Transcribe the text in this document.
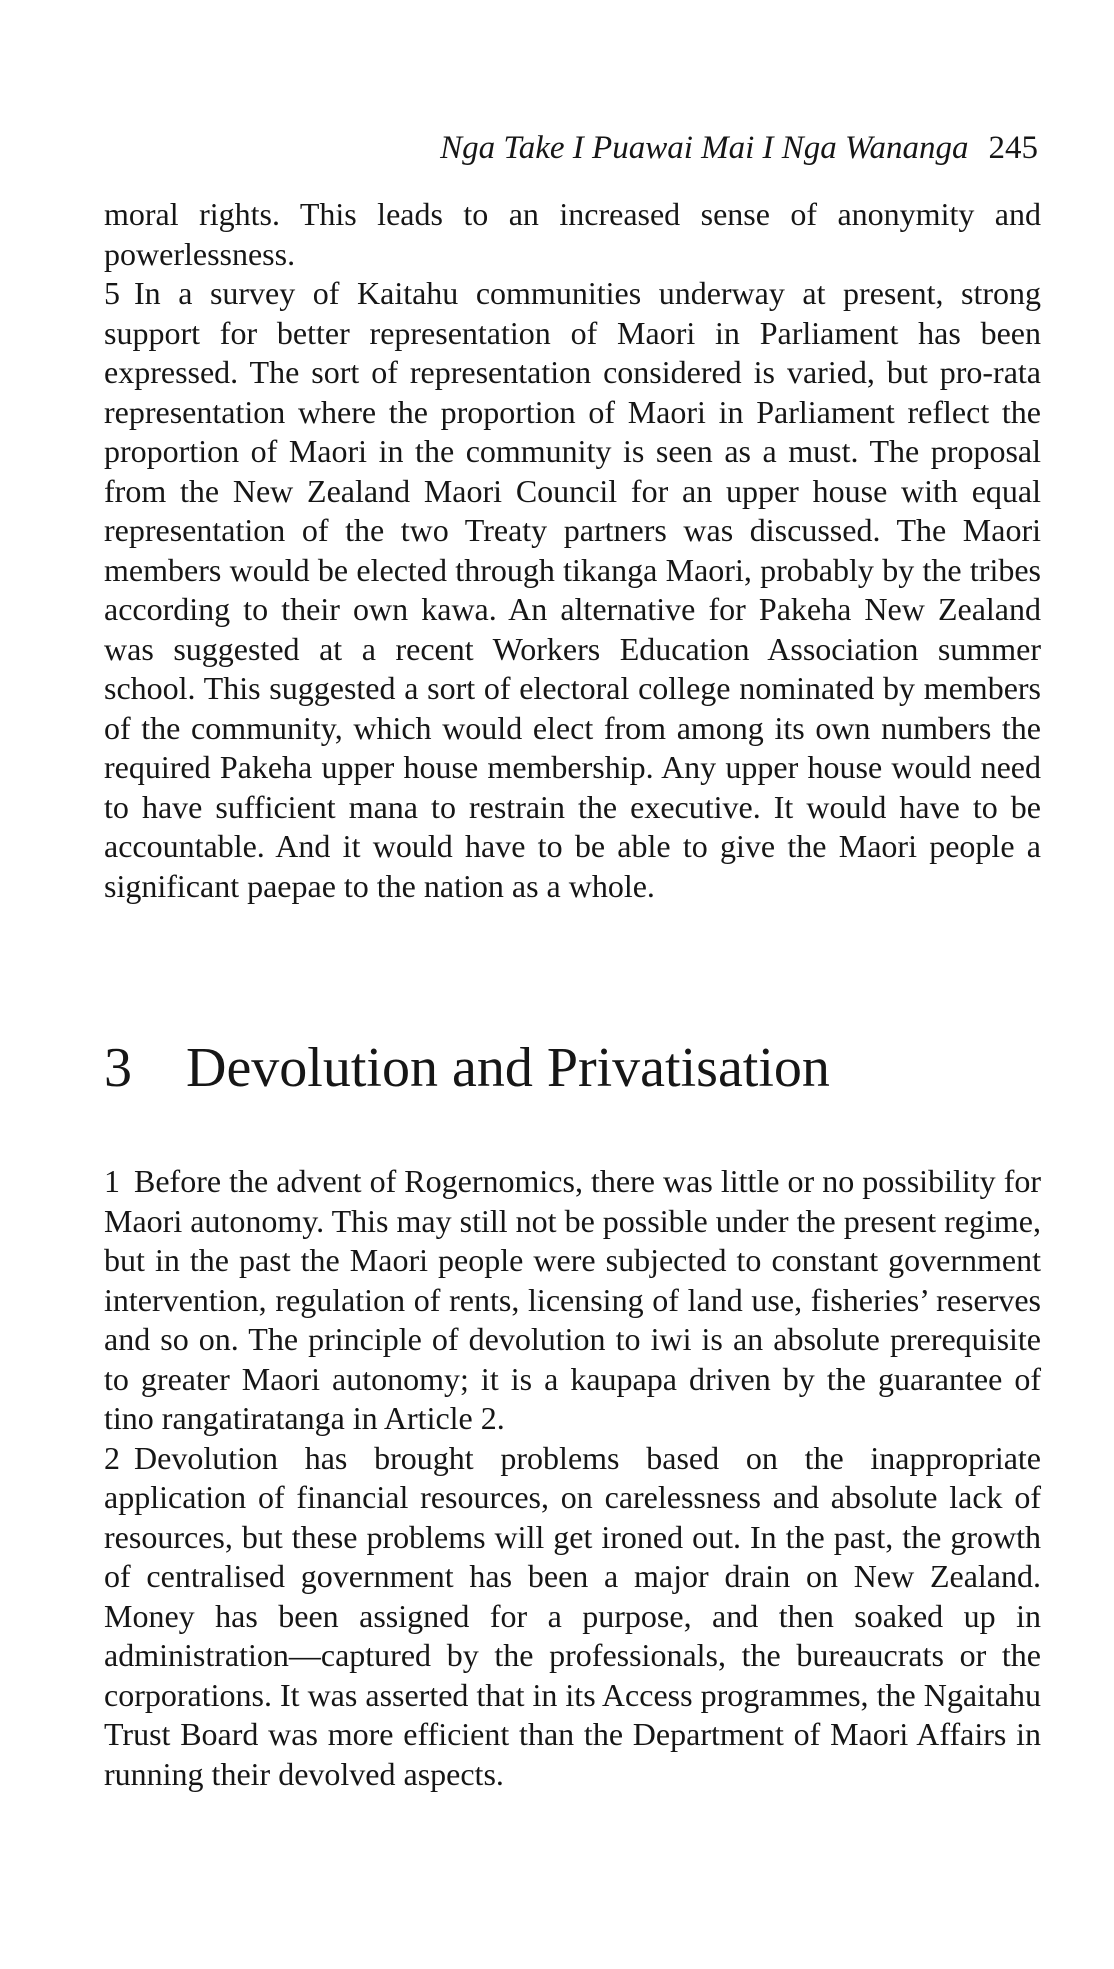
Nga Take I Puawai Mai I Nga Wananga 245

moral rights. This leads to an increased sense of anonymity and powerlessness.

5 In a survey of Kaitahu communities underway at present, strong support for better representation of Maori in Parliament has been expressed. The sort of representation considered is varied, but pro-rata representation where the proportion of Maori in Parliament reflect the proportion of Maori in the community is seen as a must. The proposal from the New Zealand Maori Council for an upper house with equal representation of the two Treaty partners was discussed. The Maori members would be elected through tikanga Maori, probably by the tribes according to their own kawa. An alternative for Pakeha New Zealand was suggested at a recent Workers Education Association summer school. This suggested a sort of electoral college nominated by members of the community, which would elect from among its own numbers the required Pakeha upper house membership. Any upper house would need to have sufficient mana to restrain the executive. It would have to be accountable. And it would have to be able to give the Maori people a significant paepae to the nation as a whole.

3 Devolution and Privatisation

1 Before the advent of Rogernomics, there was little or no possibility for Maori autonomy. This may still not be possible under the present regime, but in the past the Maori people were subjected to constant government intervention, regulation of rents, licensing of land use, fisheries’ reserves and so on. The principle of devolution to iwi is an absolute prerequisite to greater Maori autonomy; it is a kaupapa driven by the guarantee of tino rangatiratanga in Article 2.

2 Devolution has brought problems based on the inappropriate application of financial resources, on carelessness and absolute lack of resources, but these problems will get ironed out. In the past, the growth of centralised government has been a major drain on New Zealand. Money has been assigned for a purpose, and then soaked up in administration—captured by the professionals, the bureaucrats or the corporations. It was asserted that in its Access programmes, the Ngaitahu Trust Board was more efficient than the Department of Maori Affairs in running their devolved aspects.
